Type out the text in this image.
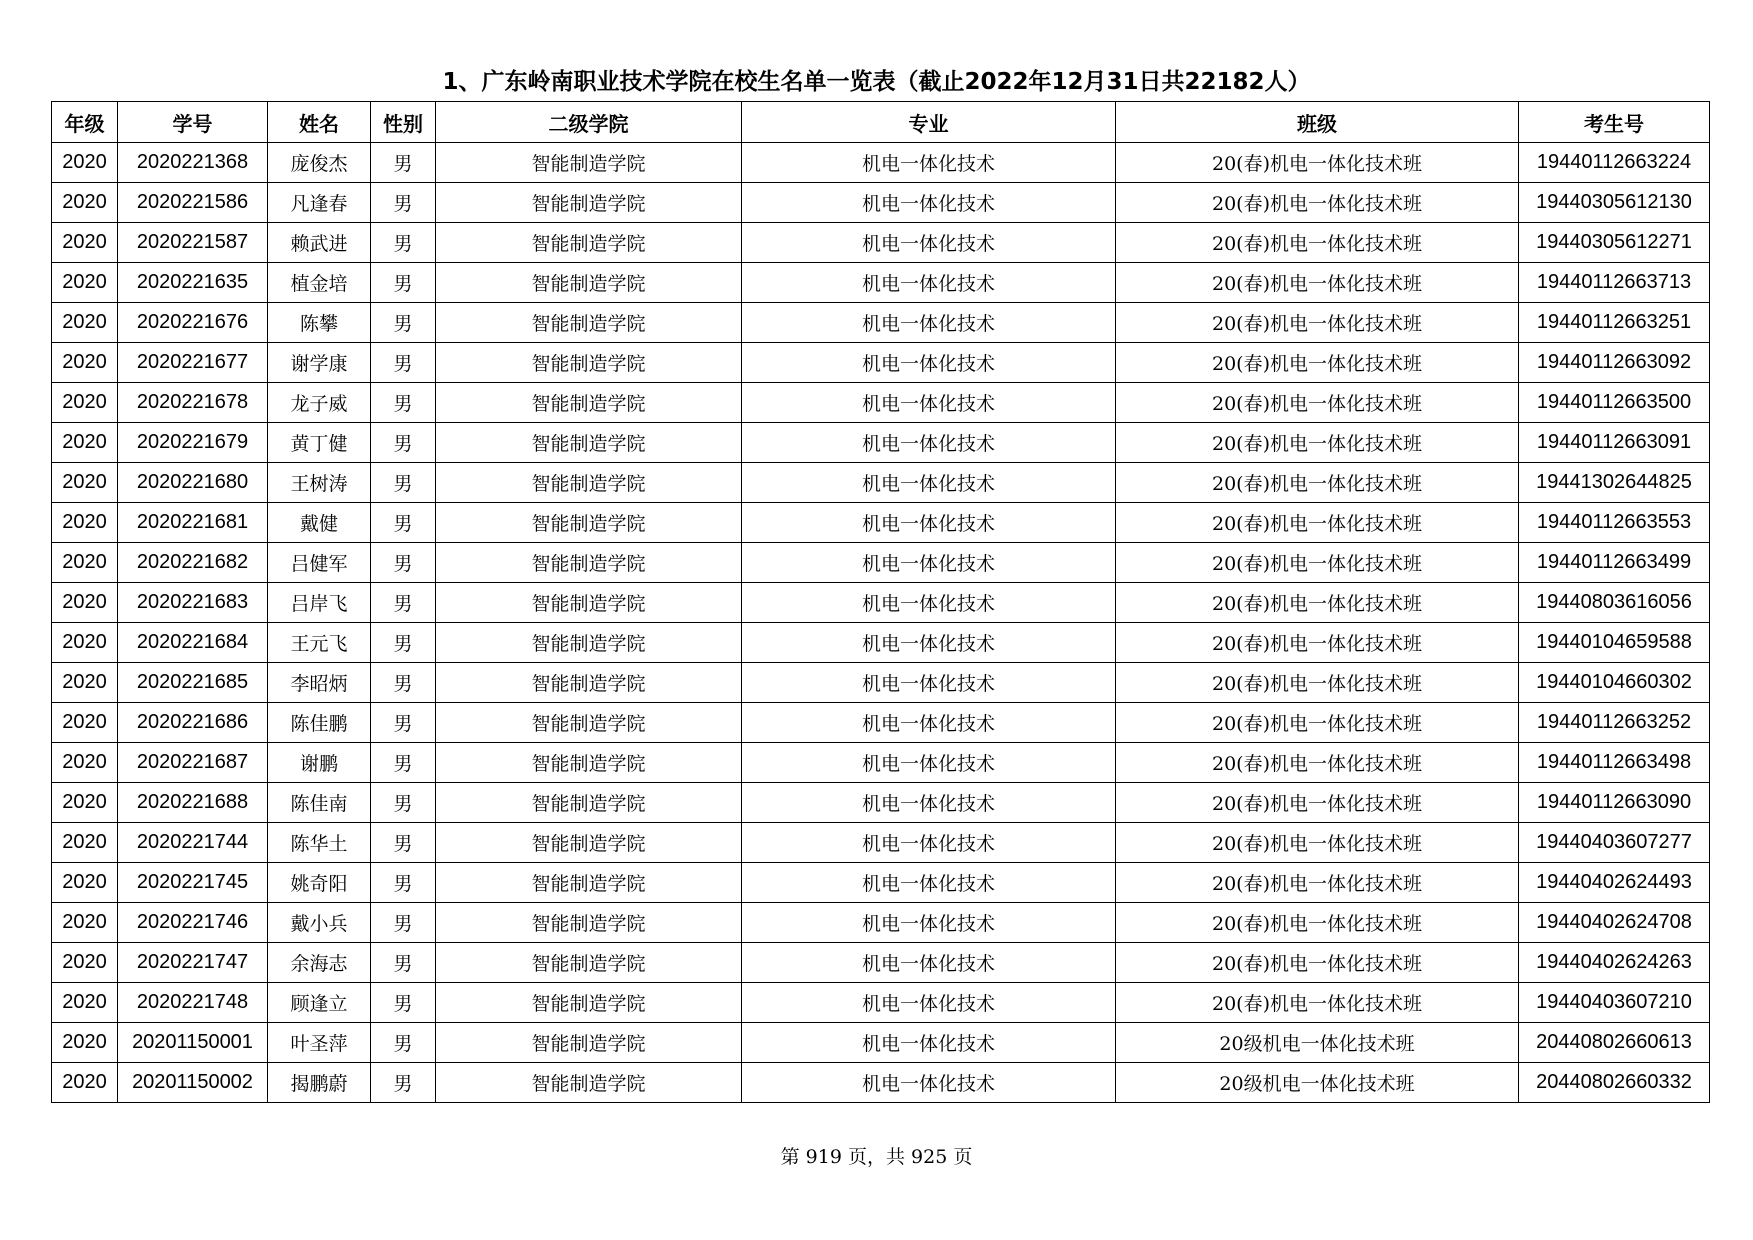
1、广东岭南职业技术学院在校生名单一览表（截止2022年12月31日共22182人）
年级	学号	姓名	性别	二级学院	专业	班级	考生号
2020	2020221368	庞俊杰	男	智能制造学院	机电一体化技术	20(春)机电一体化技术班	19440112663224
2020	2020221586	凡逢春	男	智能制造学院	机电一体化技术	20(春)机电一体化技术班	19440305612130
2020	2020221587	赖武进	男	智能制造学院	机电一体化技术	20(春)机电一体化技术班	19440305612271
2020	2020221635	植金培	男	智能制造学院	机电一体化技术	20(春)机电一体化技术班	19440112663713
2020	2020221676	陈攀	男	智能制造学院	机电一体化技术	20(春)机电一体化技术班	19440112663251
2020	2020221677	谢学康	男	智能制造学院	机电一体化技术	20(春)机电一体化技术班	19440112663092
2020	2020221678	龙子威	男	智能制造学院	机电一体化技术	20(春)机电一体化技术班	19440112663500
2020	2020221679	黄丁健	男	智能制造学院	机电一体化技术	20(春)机电一体化技术班	19440112663091
2020	2020221680	王树涛	男	智能制造学院	机电一体化技术	20(春)机电一体化技术班	19441302644825
2020	2020221681	戴健	男	智能制造学院	机电一体化技术	20(春)机电一体化技术班	19440112663553
2020	2020221682	吕健军	男	智能制造学院	机电一体化技术	20(春)机电一体化技术班	19440112663499
2020	2020221683	吕岸飞	男	智能制造学院	机电一体化技术	20(春)机电一体化技术班	19440803616056
2020	2020221684	王元飞	男	智能制造学院	机电一体化技术	20(春)机电一体化技术班	19440104659588
2020	2020221685	李昭炳	男	智能制造学院	机电一体化技术	20(春)机电一体化技术班	19440104660302
2020	2020221686	陈佳鹏	男	智能制造学院	机电一体化技术	20(春)机电一体化技术班	19440112663252
2020	2020221687	谢鹏	男	智能制造学院	机电一体化技术	20(春)机电一体化技术班	19440112663498
2020	2020221688	陈佳南	男	智能制造学院	机电一体化技术	20(春)机电一体化技术班	19440112663090
2020	2020221744	陈华土	男	智能制造学院	机电一体化技术	20(春)机电一体化技术班	19440403607277
2020	2020221745	姚奇阳	男	智能制造学院	机电一体化技术	20(春)机电一体化技术班	19440402624493
2020	2020221746	戴小兵	男	智能制造学院	机电一体化技术	20(春)机电一体化技术班	19440402624708
2020	2020221747	余海志	男	智能制造学院	机电一体化技术	20(春)机电一体化技术班	19440402624263
2020	2020221748	顾逢立	男	智能制造学院	机电一体化技术	20(春)机电一体化技术班	19440403607210
2020	20201150001	叶圣萍	男	智能制造学院	机电一体化技术	20级机电一体化技术班	20440802660613
2020	20201150002	揭鹏蔚	男	智能制造学院	机电一体化技术	20级机电一体化技术班	20440802660332
第 919 页，共 925 页
